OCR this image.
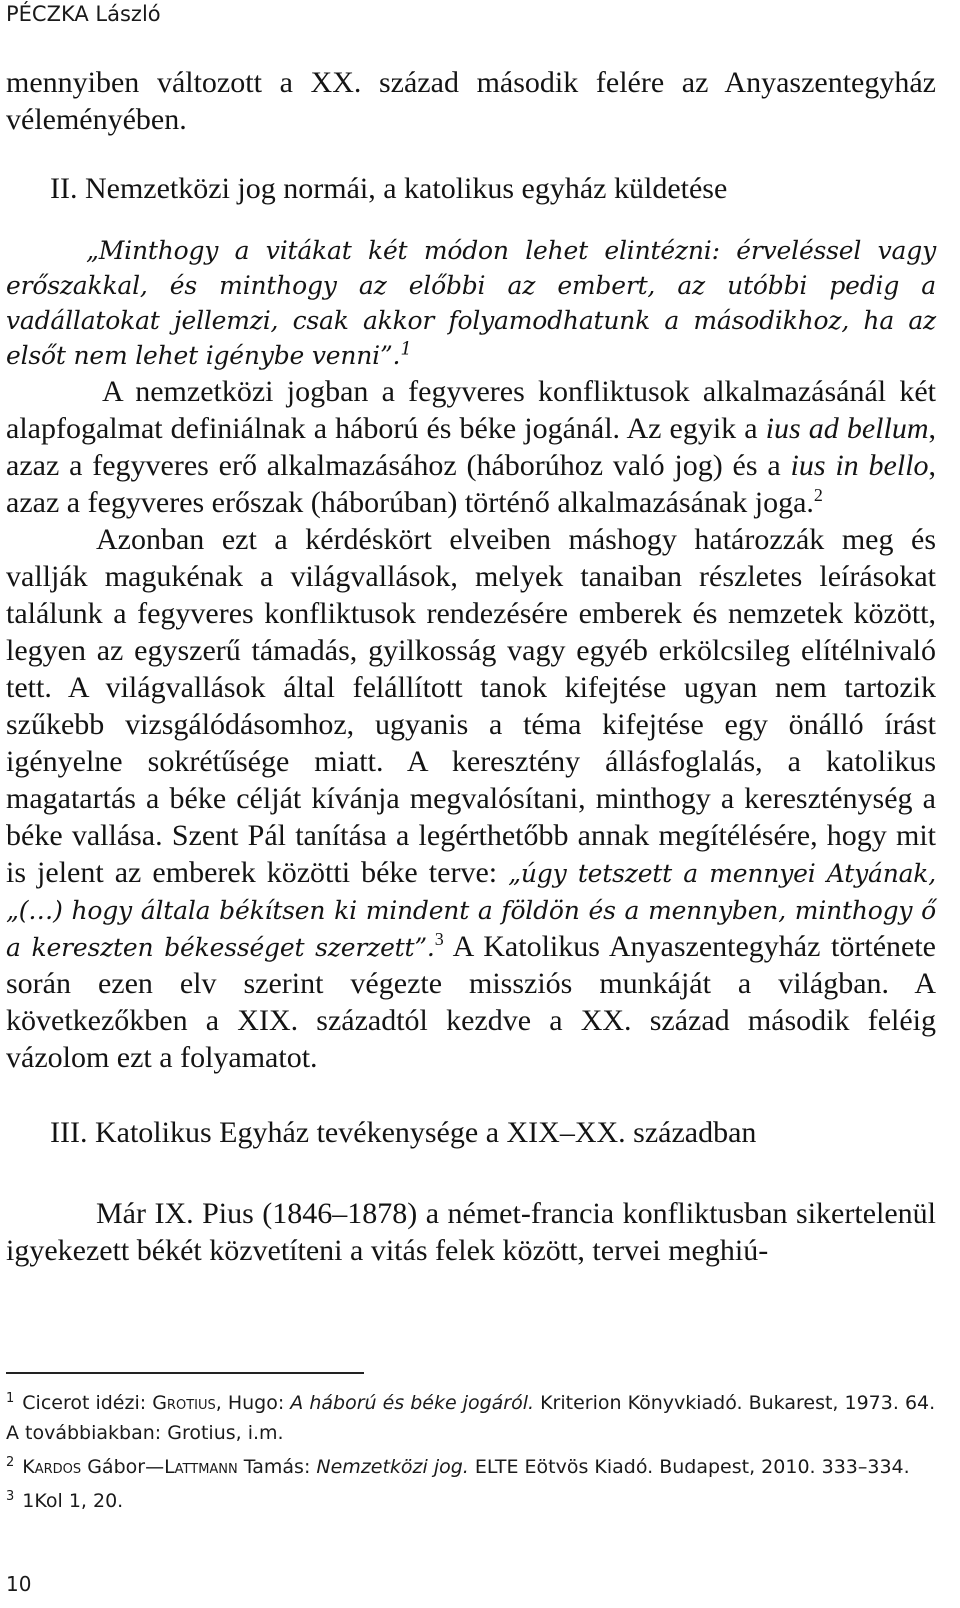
PÉCZKA László

mennyiben változott a XX. század második felére az Anyaszentegyház véleményében.

II. Nemzetközi jog normái, a katolikus egyház küldetése

„Minthogy a vitákat két módon lehet elintézni: érveléssel vagy erőszakkal, és minthogy az előbbi az embert, az utóbbi pedig a vadállatokat jellemzi, csak akkor folyamodhatunk a másodikhoz, ha az elsőt nem lehet igénybe venni”.$^1$

A nemzetközi jogban a fegyveres konfliktusok alkalmazásánál két alapfogalmat definiálnak a háború és béke jogánál. Az egyik a ius ad bellum, azaz a fegyveres erő alkalmazásához (háborúhoz való jog) és a ius in bello, azaz a fegyveres erőszak (háborúban) történő alkalmazásának joga.$^2$

Azonban ezt a kérdéskört elveiben máshogy határozzák meg és vallják magukénak a világvallások, melyek tanaiban részletes leírásokat találunk a fegyveres konfliktusok rendezésére emberek és nemzetek között, legyen az egyszerű támadás, gyilkosság vagy egyéb erkölcsileg elítélnivaló tett. A világvallások által felállított tanok kifejtése ugyan nem tartozik szűkebb vizsgálódásomhoz, ugyanis a téma kifejtése egy önálló írást igényelne sokrétűsége miatt. A keresztény állásfoglalás, a katolikus magatartás a béke célját kívánja megvalósítani, minthogy a kereszténység a béke vallása. Szent Pál tanítása a legérthetőbb annak megítélésére, hogy mit is jelent az emberek közötti béke terve: „úgy tetszett a mennyei Atyának, „(…) hogy általa békítsen ki mindent a földön és a mennyben, minthogy ő a kereszten békességet szerzett”.$^3$ A Katolikus Anyaszentegyház története során ezen elv szerint végezte missziós munkáját a világban. A következőkben a XIX. századtól kezdve a XX. század második feléig vázolom ezt a folyamatot.

III. Katolikus Egyház tevékenysége a XIX–XX. században

Már IX. Pius (1846–1878) a német-francia konfliktusban sikertelenül igyekezett békét közvetíteni a vitás felek között, tervei meghiú-

$^1$ Cicerot idézi: Grotius, Hugo: A háború és béke jogáról. Kriterion Könyvkiadó. Bukarest, 1973. 64. A továbbiakban: Grotius, i.m.

$^2$ Kardos Gábor—Lattmann Tamás: Nemzetközi jog. ELTE Eötvös Kiadó. Budapest, 2010. 333–334.

$^3$ 1Kol 1, 20.

10
